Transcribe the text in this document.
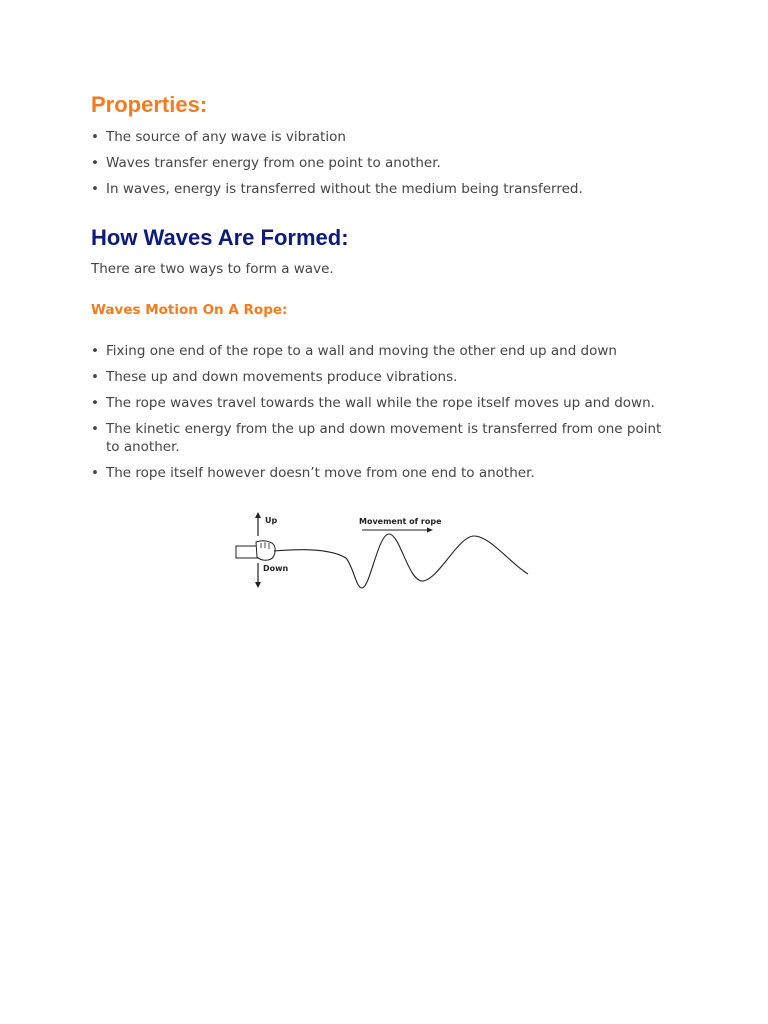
Properties:
• The source of any wave is vibration
• Waves transfer energy from one point to another.
• In waves, energy is transferred without the medium being transferred.
How Waves Are Formed:

There are two ways to form a wave.

Waves Motion On A Rope:
• Fixing one end of the rope to a wall and moving the other end up and down
• These up and down movements produce vibrations.
• The rope waves travel towards the wall while the rope itself moves up and down.
• The kinetic energy from the up and down movement is transferred from one point to another.
• The rope itself however doesn’t move from one end to another.
Up
Down
Movement of rope
